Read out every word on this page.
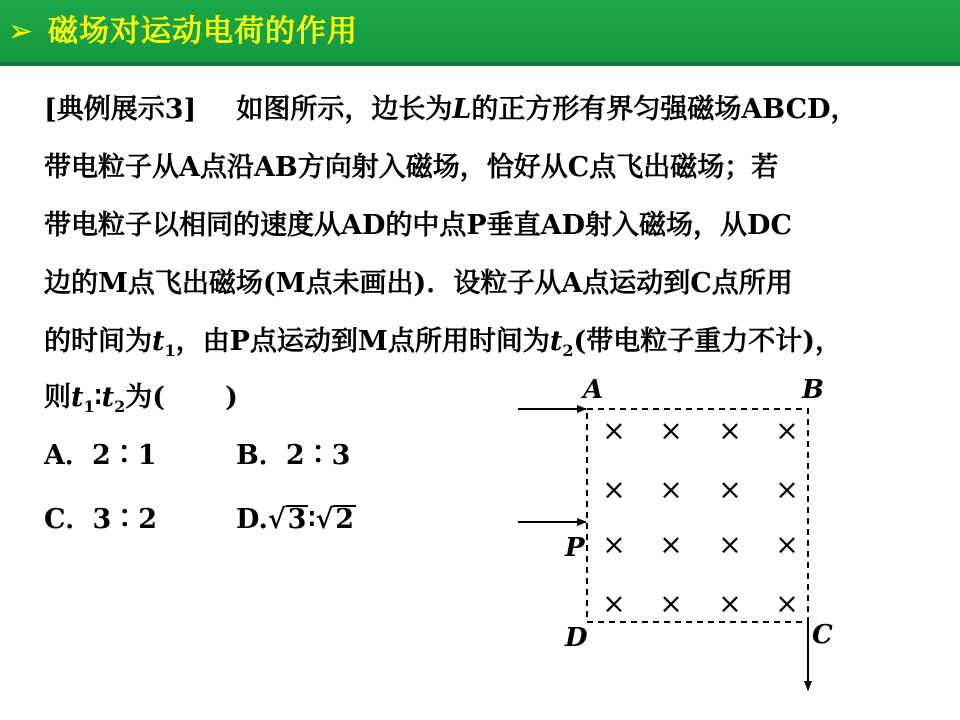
➢ 磁场对运动电荷的作用
[典例展示3] 如图所示，边长为L的正方形有界匀强磁场ABCD，
带电粒子从A点沿AB方向射入磁场，恰好从C点飞出磁场；若
带电粒子以相同的速度从AD的中点P垂直AD射入磁场，从DC
边的M点飞出磁场(M点未画出)．设粒子从A点运动到C点所用
的时间为$t_1$，由P点运动到M点所用时间为$t_2$(带电粒子重力不计)，
则$t_1∶t_2$为( )
A．2∶1	B．2∶3
C．3∶2	D.√3∶√2
A	B
P
D	C
× × × ×
× × × ×
× × × ×
× × × ×
